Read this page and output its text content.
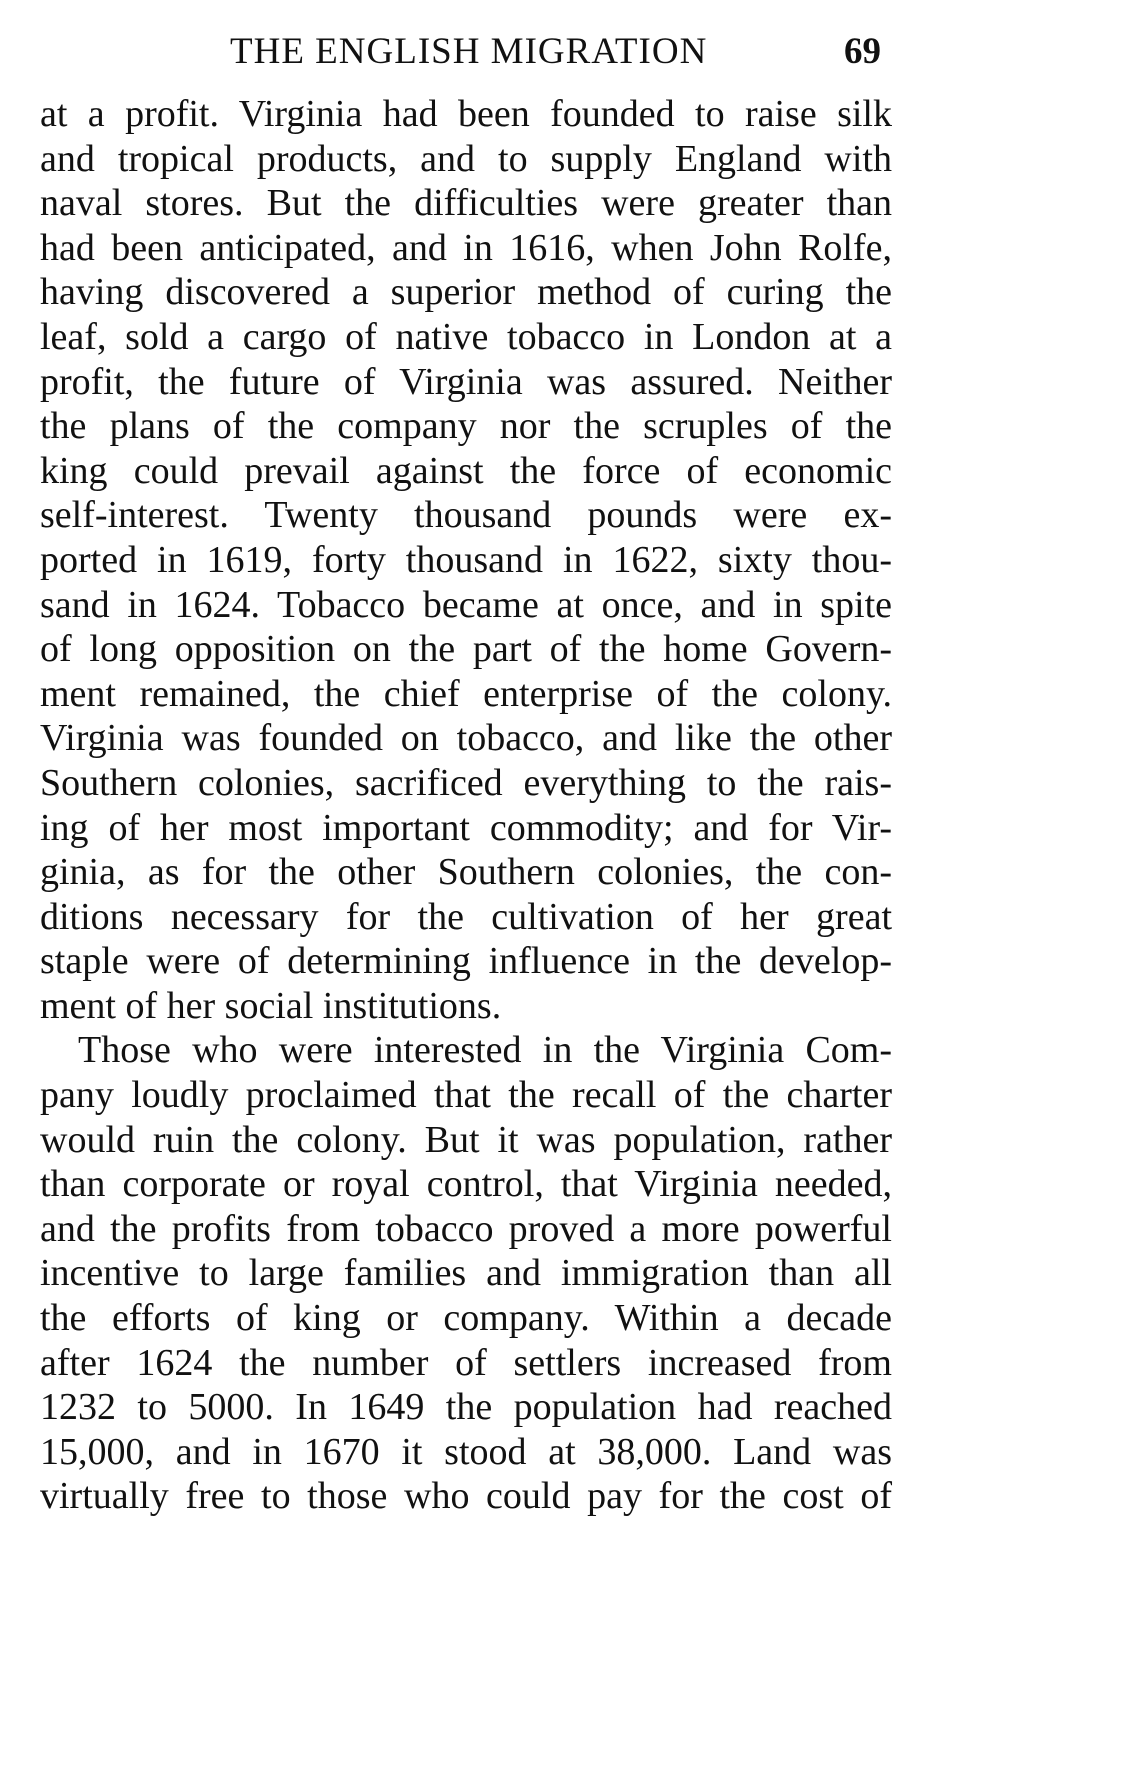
THE ENGLISH MIGRATION	69
at a profit. Virginia had been founded to raise silk
and tropical products, and to supply England with
naval stores. But the difficulties were greater than
had been anticipated, and in 1616, when John Rolfe,
having discovered a superior method of curing the
leaf, sold a cargo of native tobacco in London at a
profit, the future of Virginia was assured. Neither
the plans of the company nor the scruples of the
king could prevail against the force of economic
self-interest. Twenty thousand pounds were ex-
ported in 1619, forty thousand in 1622, sixty thou-
sand in 1624. Tobacco became at once, and in spite
of long opposition on the part of the home Govern-
ment remained, the chief enterprise of the colony.
Virginia was founded on tobacco, and like the other
Southern colonies, sacrificed everything to the rais-
ing of her most important commodity; and for Vir-
ginia, as for the other Southern colonies, the con-
ditions necessary for the cultivation of her great
staple were of determining influence in the develop-
ment of her social institutions.
Those who were interested in the Virginia Com-
pany loudly proclaimed that the recall of the charter
would ruin the colony. But it was population, rather
than corporate or royal control, that Virginia needed,
and the profits from tobacco proved a more powerful
incentive to large families and immigration than all
the efforts of king or company. Within a decade
after 1624 the number of settlers increased from
1232 to 5000. In 1649 the population had reached
15,000, and in 1670 it stood at 38,000. Land was
virtually free to those who could pay for the cost of
